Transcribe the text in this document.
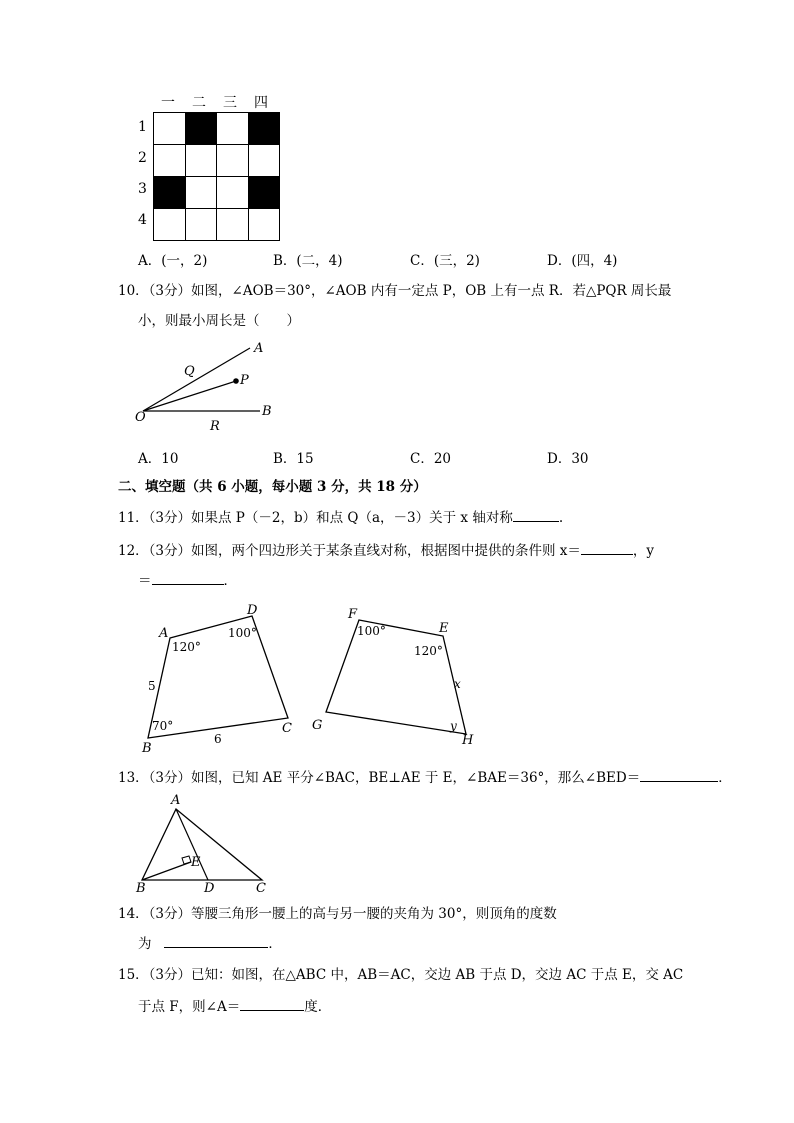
一 二 三 四
1
2
3
4
A．(一，2)	B．(二，4)	C．(三，2)	D．(四，4)
10．（3分）如图，∠AOB＝30°，∠AOB 内有一定点 P，OB 上有一点 R．若△PQR 周长最
小，则最小周长是（　　）
A
P
B
O
Q
R
A．10	B．15	C．20	D．30
二、填空题（共 6 小题，每小题 3 分，共 18 分）
11．（3分）如果点 P（－2，b）和点 Q（a，－3）关于 x 轴对称	.
12．（3分）如图，两个四边形关于某条直线对称，根据图中提供的条件则 x＝	，y
＝	．
A
D
C
B
120°
100°
70°
5
6
F
E
G
H
100°
120°
x
y
13．（3分）如图，已知 AE 平分∠BAC，BE⊥AE 于 E，∠BAE＝36°，那么∠BED＝	．
A
B	C
D
E
14．（3分）等腰三角形一腰上的高与另一腰的夹角为 30°，则顶角的度数
为	．
15．（3分）已知：如图，在△ABC 中，AB＝AC，交边 AB 于点 D，交边 AC 于点 E，交 AC
于点 F，则∠A＝	度．
